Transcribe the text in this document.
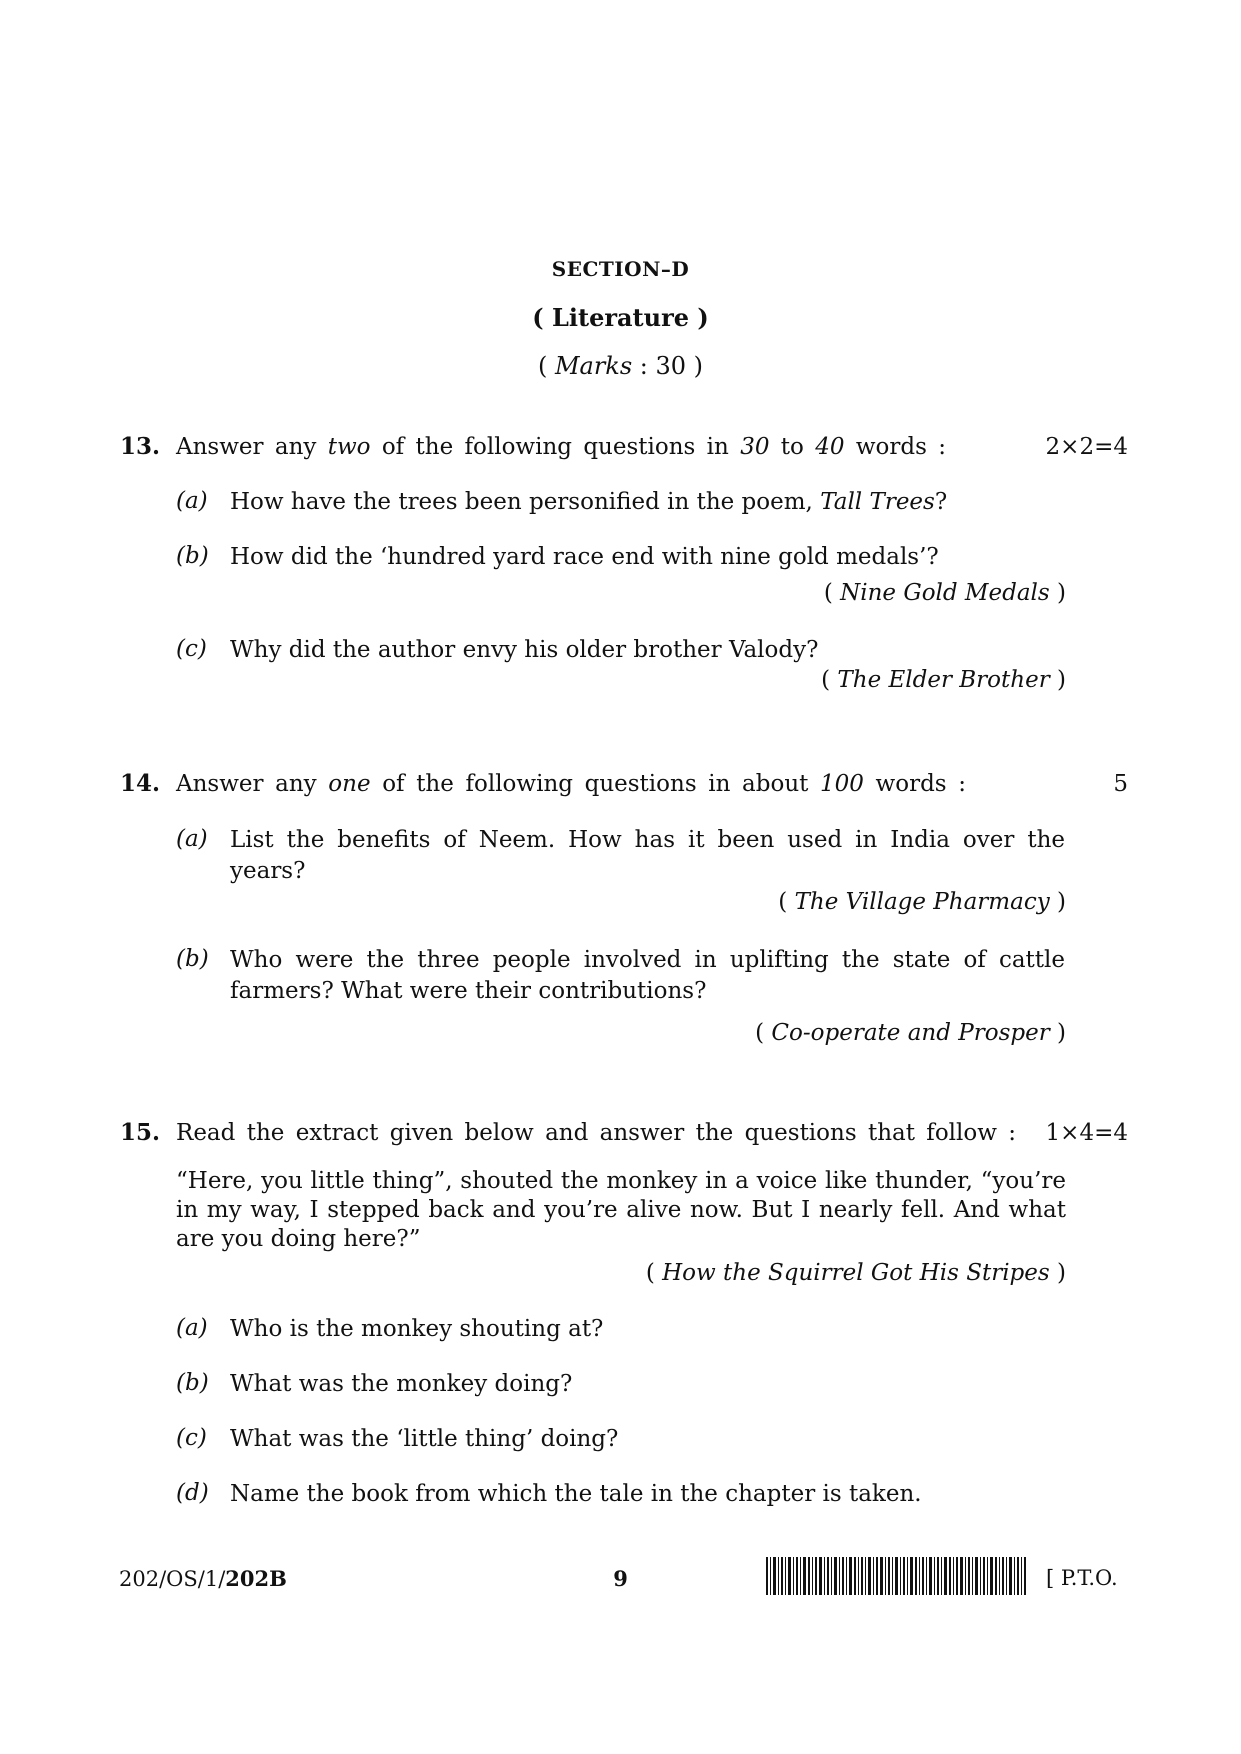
SECTION–D
( Literature )
( Marks : 30 )
13. Answer any two of the following questions in 30 to 40 words :	2×2=4
(a) How have the trees been personified in the poem, Tall Trees?
(b) How did the ‘hundred yard race end with nine gold medals’?
( Nine Gold Medals )
(c) Why did the author envy his older brother Valody?
( The Elder Brother )
14. Answer any one of the following questions in about 100 words :	5
(a) List the benefits of Neem. How has it been used in India over the years?
( The Village Pharmacy )
(b) Who were the three people involved in uplifting the state of cattle farmers? What were their contributions?
( Co-operate and Prosper )
15. Read the extract given below and answer the questions that follow : 1×4=4
“Here, you little thing”, shouted the monkey in a voice like thunder, “you’re in my way, I stepped back and you’re alive now. But I nearly fell. And what are you doing here?”
( How the Squirrel Got His Stripes )
(a) Who is the monkey shouting at?
(b) What was the monkey doing?
(c) What was the ‘little thing’ doing?
(d) Name the book from which the tale in the chapter is taken.
202/OS/1/202B	9	[ P.T.O.
